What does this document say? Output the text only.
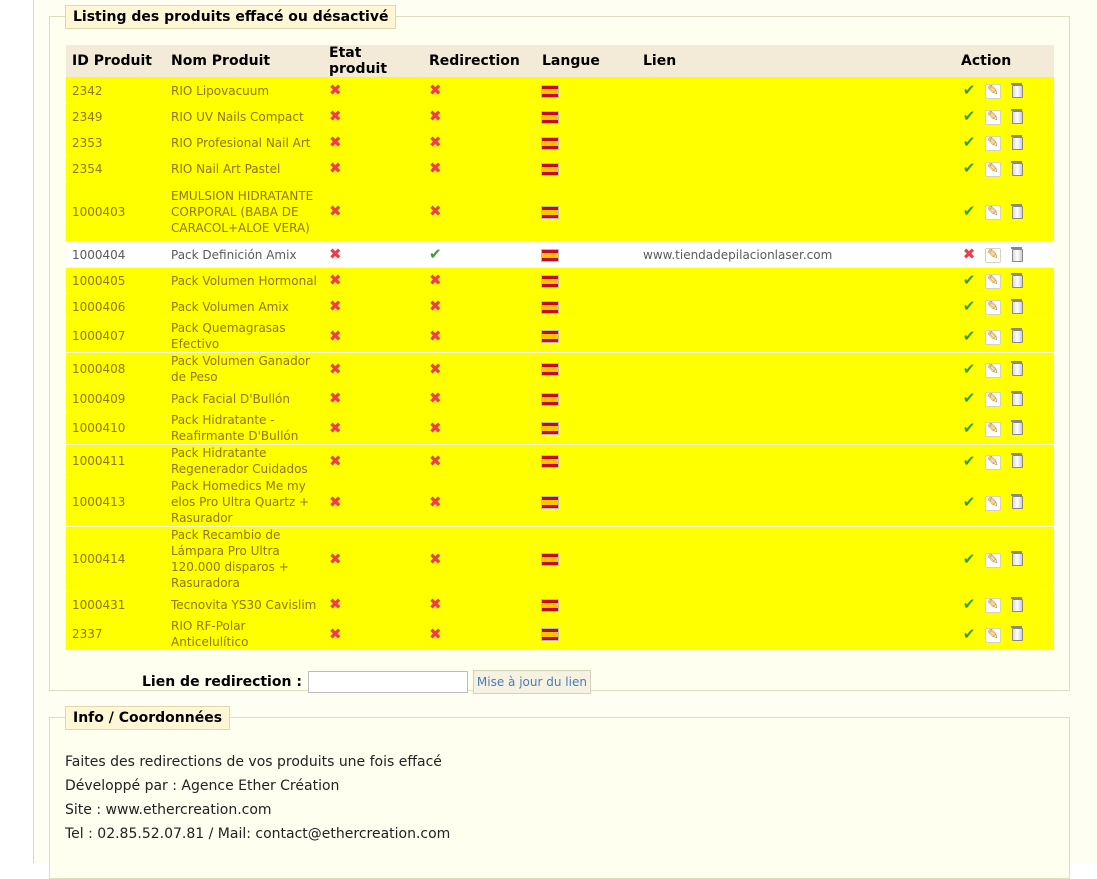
Listing des produits effacé ou désactivé
ID Produit	Nom Produit	Etat produit	Redirection	Langue	Lien	Action
2342	RIO Lipovacuum	✖	✖			✔ ✎
2349	RIO UV Nails Compact	✖	✖			✔ ✎
2353	RIO Profesional Nail Art	✖	✖			✔ ✎
2354	RIO Nail Art Pastel	✖	✖			✔ ✎
1000403	EMULSION HIDRATANTE CORPORAL (BABA DE CARACOL+ALOE VERA)	✖	✖			✔ ✎
1000404	Pack Definición Amix	✖	✔		www.tiendadepilacionlaser.com	✖ ✎
1000405	Pack Volumen Hormonal	✖	✖			✔ ✎
1000406	Pack Volumen Amix	✖	✖			✔ ✎
1000407	Pack Quemagrasas Efectivo	✖	✖			✔ ✎
1000408	Pack Volumen Ganador de Peso	✖	✖			✔ ✎
1000409	Pack Facial D'Bullón	✖	✖			✔ ✎
1000410	Pack Hidratante - Reafirmante D'Bullón	✖	✖			✔ ✎
1000411	Pack Hidratante Regenerador Cuidados	✖	✖			✔ ✎
1000413	Pack Homedics Me my elos Pro Ultra Quartz + Rasurador	✖	✖			✔ ✎
1000414	Pack Recambio de Lámpara Pro Ultra 120.000 disparos + Rasuradora	✖	✖			✔ ✎
1000431	Tecnovita YS30 Cavislim	✖	✖			✔ ✎
2337	RIO RF-Polar Anticelulítico	✖	✖			✔ ✎
Lien de redirection :	Mise à jour du lien
Info / Coordonnées

Faites des redirections de vos produits une fois effacé

Développé par : Agence Ether Création

Site : www.ethercreation.com

Tel : 02.85.52.07.81 / Mail: contact@ethercreation.com
